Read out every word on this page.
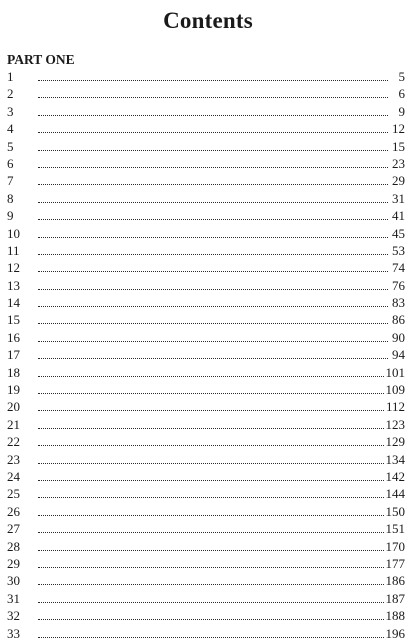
Contents
PART ONE
1	5
2	6
3	9
4	12
5	15
6	23
7	29
8	31
9	41
10	45
11	53
12	74
13	76
14	83
15	86
16	90
17	94
18	101
19	109
20	112
21	123
22	129
23	134
24	142
25	144
26	150
27	151
28	170
29	177
30	186
31	187
32	188
33	196
